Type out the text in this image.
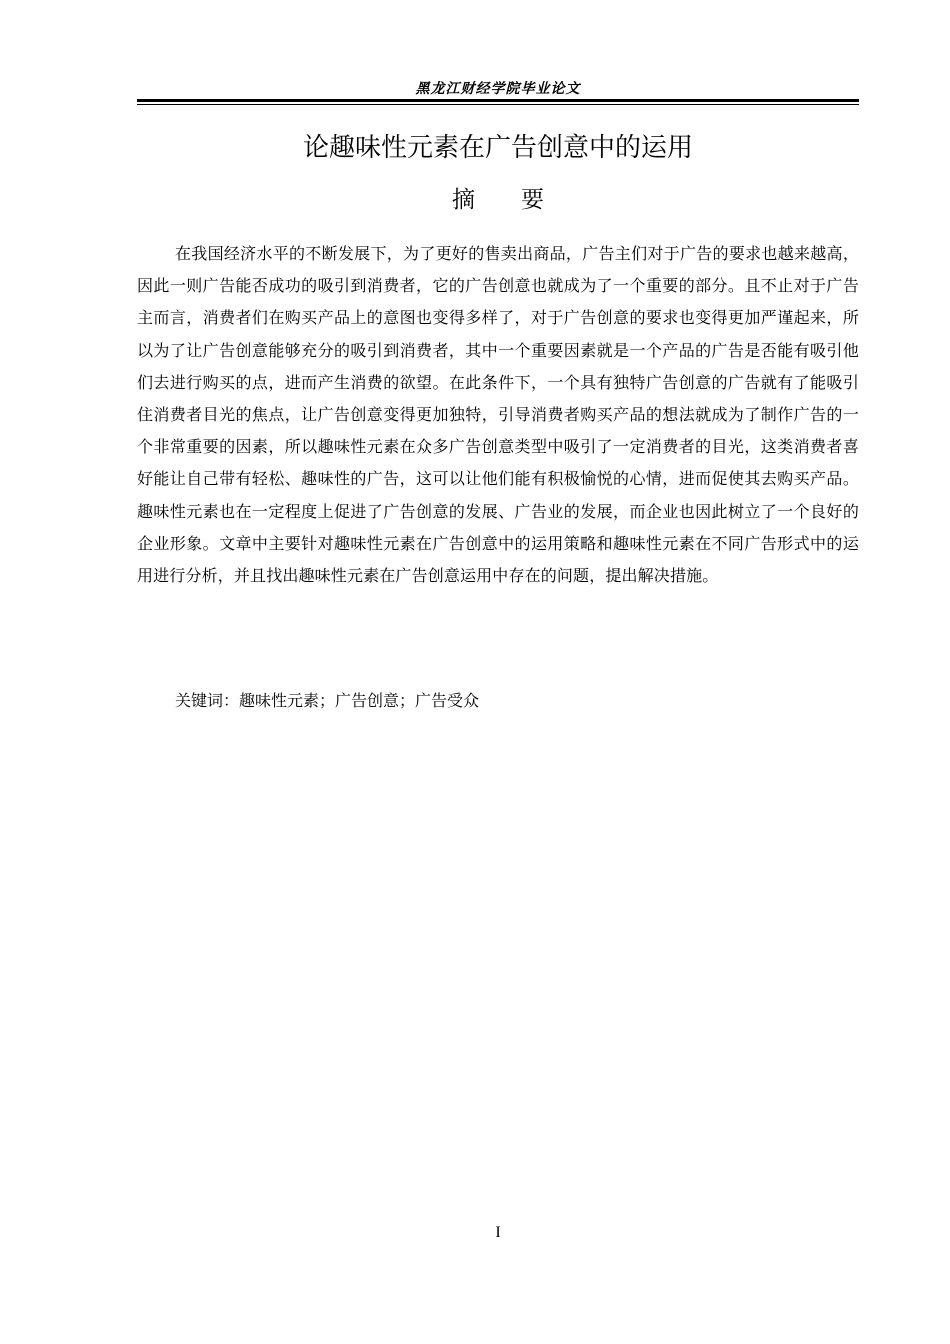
黑龙江财经学院毕业论文
论趣味性元素在广告创意中的运用
摘要

在我国经济水平的不断发展下，为了更好的售卖出商品，广告主们对于广告的要求也越来越高，因此一则广告能否成功的吸引到消费者，它的广告创意也就成为了一个重要的部分。且不止对于广告主而言，消费者们在购买产品上的意图也变得多样了，对于广告创意的要求也变得更加严谨起来，所以为了让广告创意能够充分的吸引到消费者，其中一个重要因素就是一个产品的广告是否能有吸引他们去进行购买的点，进而产生消费的欲望。在此条件下，一个具有独特广告创意的广告就有了能吸引住消费者目光的焦点，让广告创意变得更加独特，引导消费者购买产品的想法就成为了制作广告的一个非常重要的因素，所以趣味性元素在众多广告创意类型中吸引了一定消费者的目光，这类消费者喜好能让自己带有轻松、趣味性的广告，这可以让他们能有积极愉悦的心情，进而促使其去购买产品。趣味性元素也在一定程度上促进了广告创意的发展、广告业的发展，而企业也因此树立了一个良好的企业形象。文章中主要针对趣味性元素在广告创意中的运用策略和趣味性元素在不同广告形式中的运用进行分析，并且找出趣味性元素在广告创意运用中存在的问题，提出解决措施。

关键词：趣味性元素；广告创意；广告受众
I
